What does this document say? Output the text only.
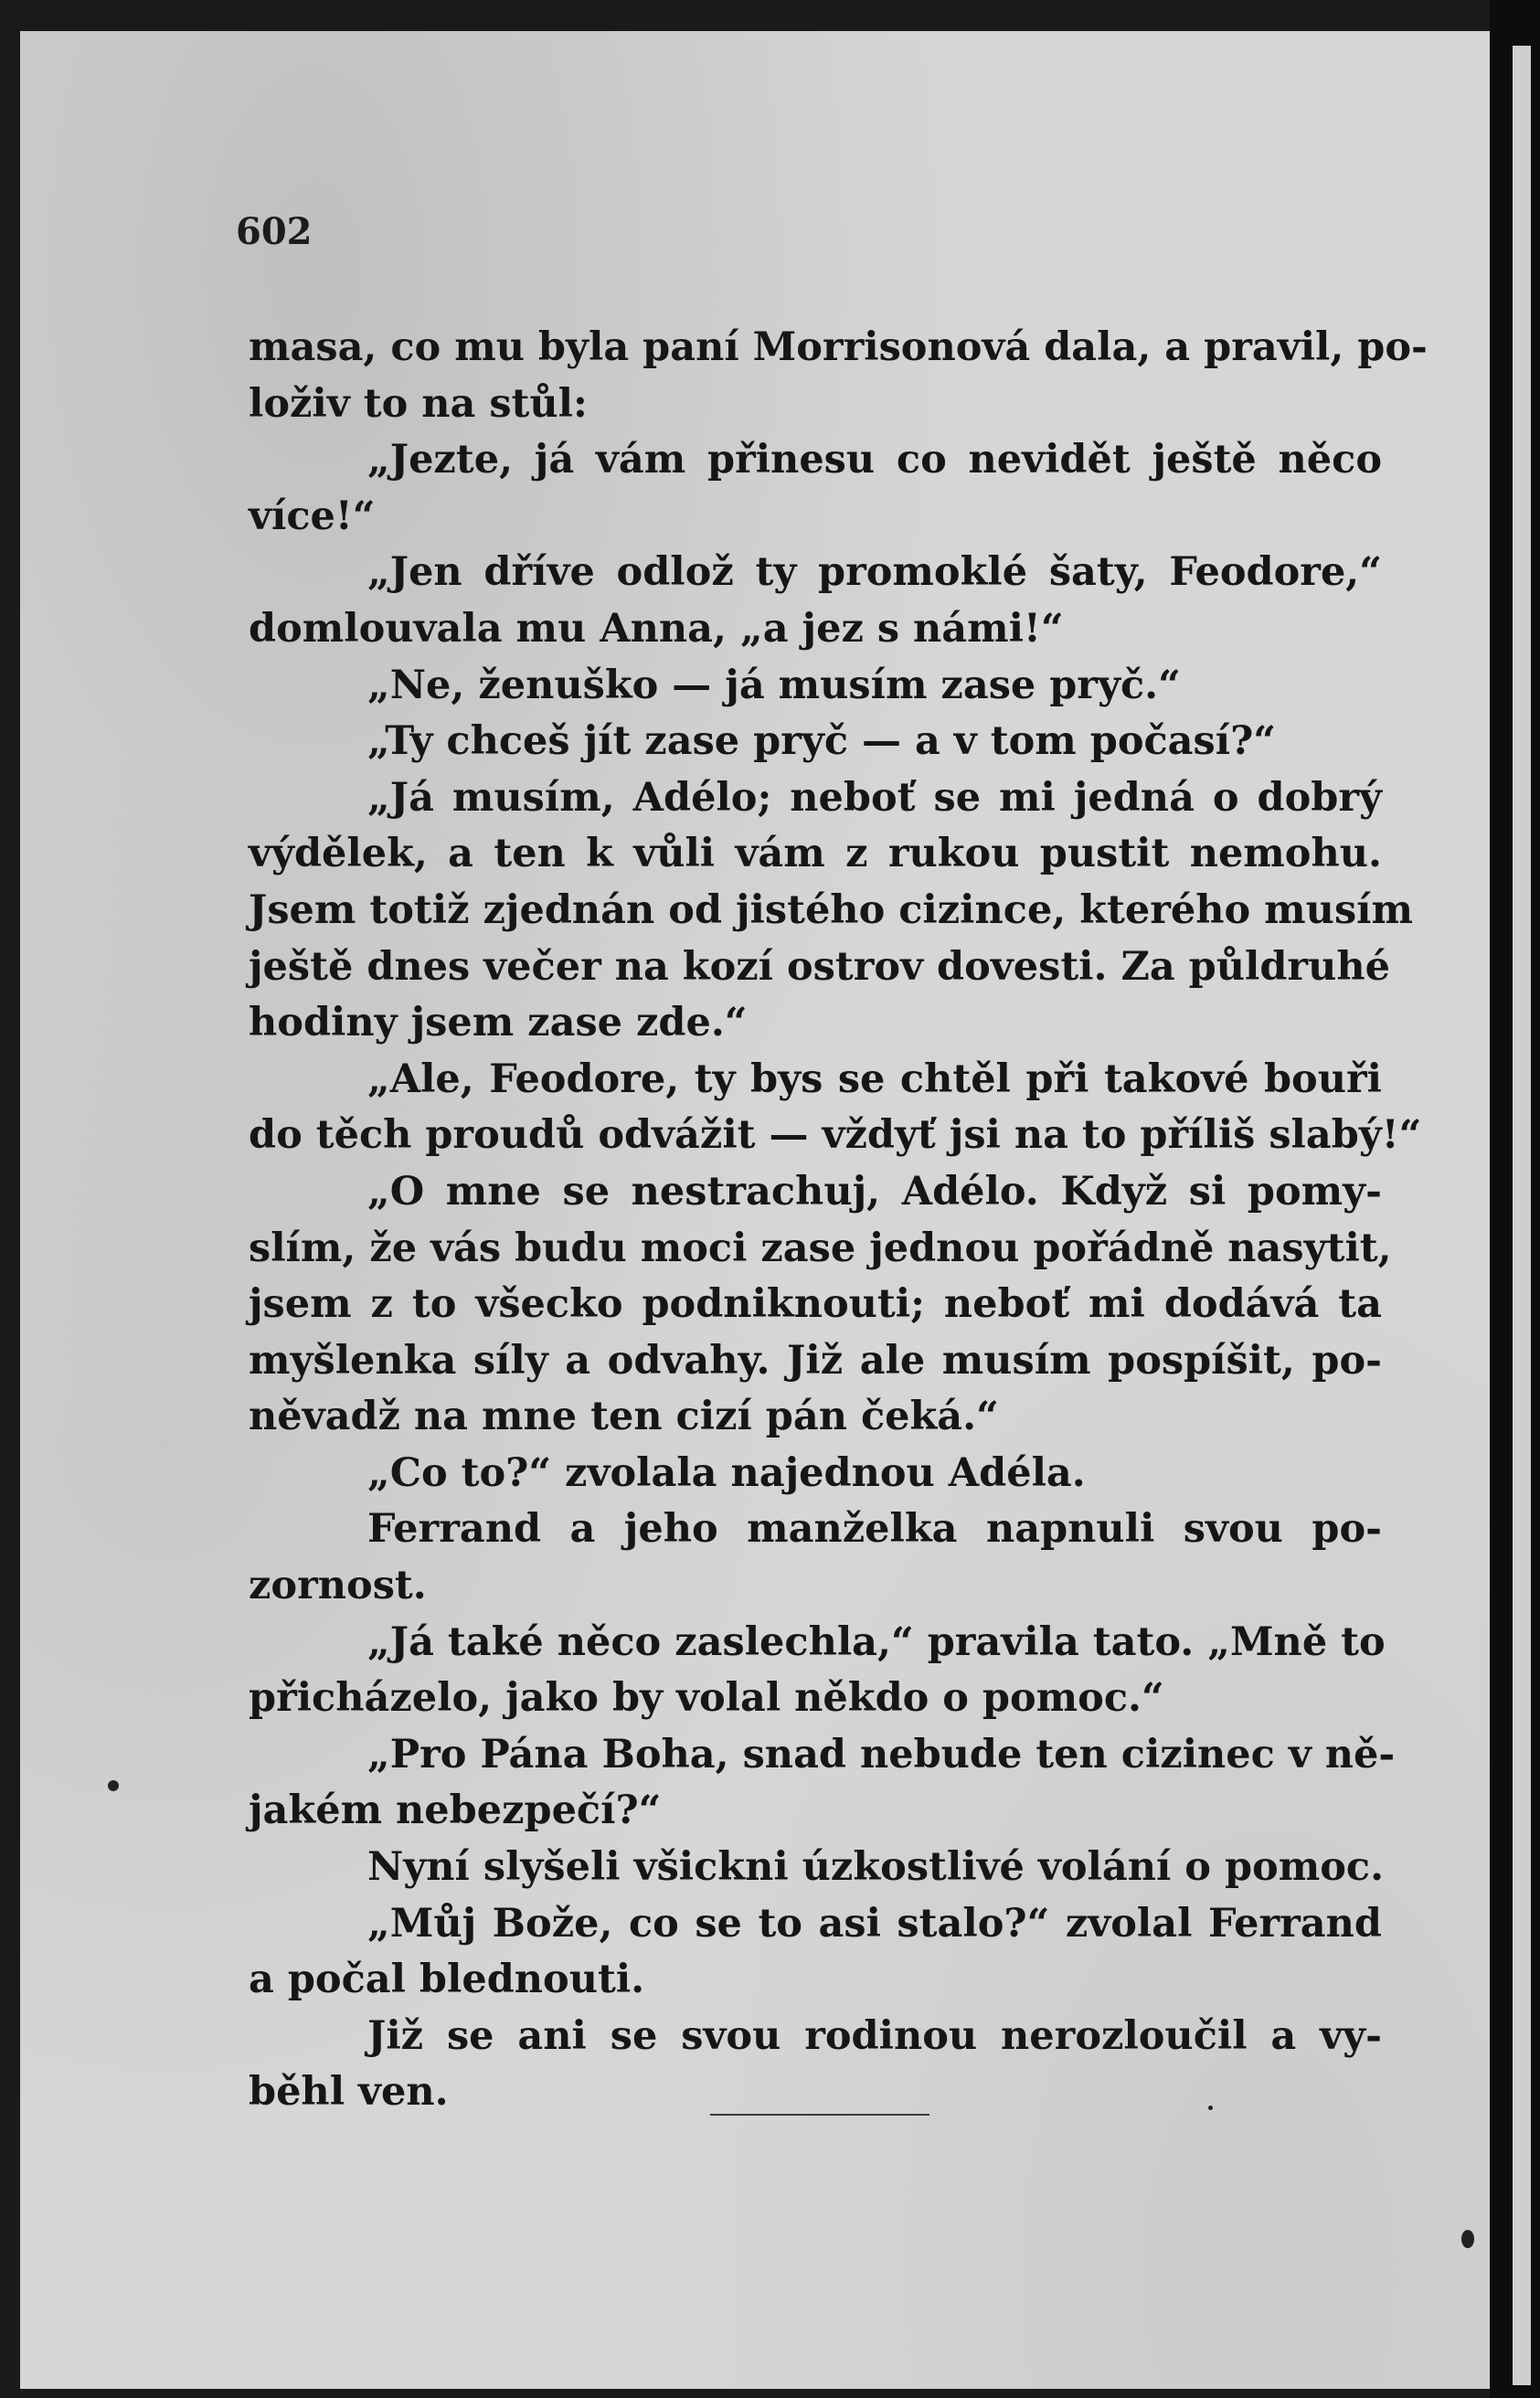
602
masa, co mu byla paní Morrisonová dala, a pravil, po-
loživ to na stůl:
„Jezte, já vám přinesu co nevidět ještě něco
více!“
„Jen dříve odlož ty promoklé šaty, Feodore,“
domlouvala mu Anna, „a jez s námi!“
„Ne, ženuško — já musím zase pryč.“
„Ty chceš jít zase pryč — a v tom počasí?“
„Já musím, Adélo; neboť se mi jedná o dobrý
výdělek, a ten k vůli vám z rukou pustit nemohu.
Jsem totiž zjednán od jistého cizince, kterého musím
ještě dnes večer na kozí ostrov dovesti. Za půldruhé
hodiny jsem zase zde.“
„Ale, Feodore, ty bys se chtěl při takové bouři
do těch proudů odvážit — vždyť jsi na to příliš slabý!“
„O mne se nestrachuj, Adélo. Když si pomy-
slím, že vás budu moci zase jednou pořádně nasytit,
jsem z to všecko podniknouti; neboť mi dodává ta
myšlenka síly a odvahy. Již ale musím pospíšit, po-
něvadž na mne ten cizí pán čeká.“
„Co to?“ zvolala najednou Adéla.
Ferrand a jeho manželka napnuli svou po-
zornost.
„Já také něco zaslechla,“ pravila tato. „Mně to
přicházelo, jako by volal někdo o pomoc.“
„Pro Pána Boha, snad nebude ten cizinec v ně-
jakém nebezpečí?“
Nyní slyšeli všickni úzkostlivé volání o pomoc.
„Můj Bože, co se to asi stalo?“ zvolal Ferrand
a počal blednouti.
Již se ani se svou rodinou nerozloučil a vy-
běhl ven.
